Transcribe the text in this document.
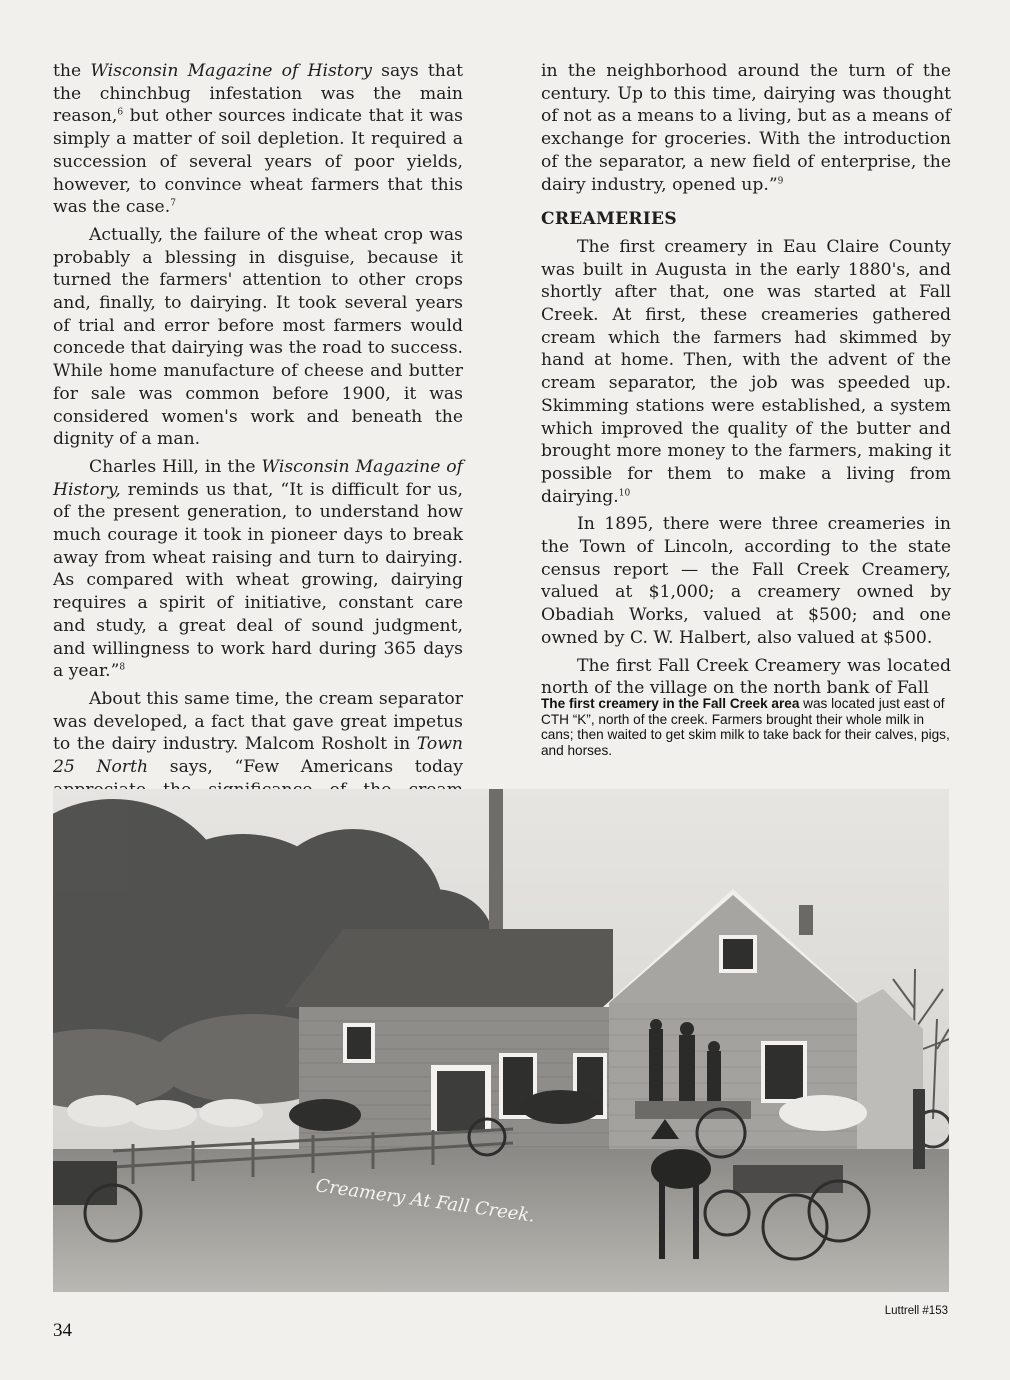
the Wisconsin Magazine of History says that the chinchbug infestation was the main reason,$^6$ but other sources indicate that it was simply a matter of soil depletion. It required a succession of several years of poor yields, however, to convince wheat farmers that this was the case.$^7$

Actually, the failure of the wheat crop was probably a blessing in disguise, because it turned the farmers' attention to other crops and, finally, to dairying. It took several years of trial and error before most farmers would concede that dairying was the road to success. While home manufacture of cheese and butter for sale was common before 1900, it was considered women's work and beneath the dignity of a man.

Charles Hill, in the Wisconsin Magazine of History, reminds us that, “It is difficult for us, of the present generation, to understand how much courage it took in pioneer days to break away from wheat raising and turn to dairying. As compared with wheat growing, dairying requires a spirit of initiative, constant care and study, a great deal of sound judgment, and willingness to work hard during 365 days a year.”$^8$

About this same time, the cream separator was developed, a fact that gave great impetus to the dairy industry. Malcom Rosholt in Town 25 North says, “Few Americans today

in the neighborhood around the turn of the century. Up to this time, dairying was thought of not as a means to a living, but as a means of exchange for groceries. With the introduction of the separator, a new field of enterprise, the dairy industry, opened up.”$^9$

CREAMERIES

The first creamery in Eau Claire County was built in Augusta in the early 1880's, and shortly after that, one was started at Fall Creek. At first, these creameries gathered cream which the farmers had skimmed by hand at home. Then, with the advent of the cream separator, the job was speeded up. Skimming stations were established, a system which improved the quality of the butter and brought more money to the farmers, making it possible for them to make a living from dairying.$^{10}$

In 1895, there were three creameries in the Town of Lincoln, according to the state census report — the Fall Creek Creamery, valued at $1,000; a creamery owned by Obadiah Works, valued at $500; and one owned by C. W. Halbert, also valued at $500.

The first Fall Creek Creamery was located north of the village on the north bank of Fall

The first creamery in the Fall Creek area was located just east of CTH “K”, north of the creek. Farmers brought their whole milk in cans; then waited to get skim milk to take back for their calves, pigs, and horses.
Creamery At Fall Creek.
Luttrell #153
34
